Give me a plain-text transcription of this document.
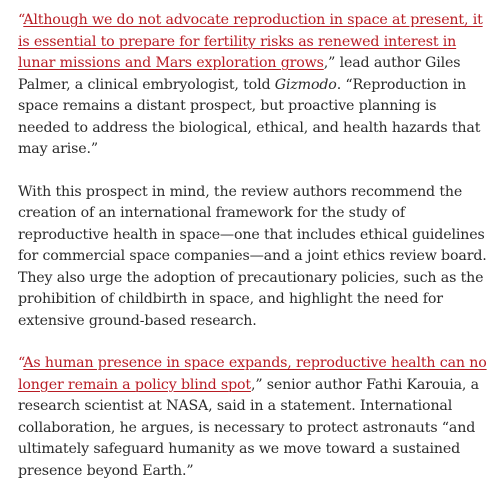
“Although we do not advocate reproduction in space at present, it is essential to prepare for fertility risks as renewed interest in lunar missions and Mars exploration grows,” lead author Giles Palmer, a clinical embryologist, told Gizmodo. “Reproduction in space remains a distant prospect, but proactive planning is needed to address the biological, ethical, and health hazards that may arise.”

With this prospect in mind, the review authors recommend the creation of an international framework for the study of reproductive health in space—one that includes ethical guidelines for commercial space companies—and a joint ethics review board. They also urge the adoption of precautionary policies, such as the prohibition of childbirth in space, and highlight the need for extensive ground-based research.

“As human presence in space expands, reproductive health can no longer remain a policy blind spot,” senior author Fathi Karouia, a research scientist at NASA, said in a statement. International collaboration, he argues, is necessary to protect astronauts “and ultimately safeguard humanity as we move toward a sustained presence beyond Earth.”
